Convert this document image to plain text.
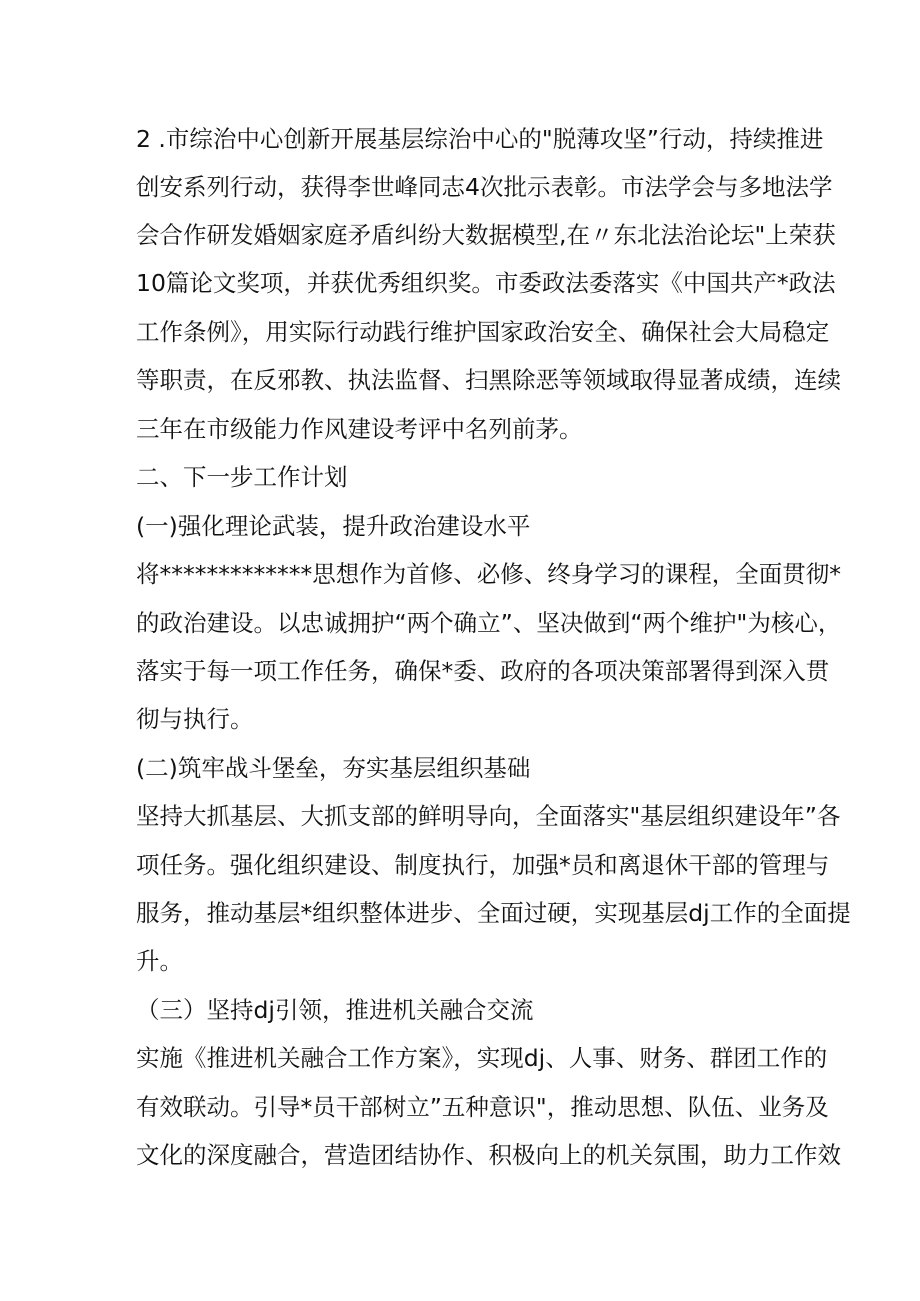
2 .市综治中心创新开展基层综治中心的"脱薄攻坚”行动，持续推进
创安系列行动，获得李世峰同志4次批示表彰。市法学会与多地法学
会合作研发婚姻家庭矛盾纠纷大数据模型,在〃东北法治论坛"上荣获
10篇论文奖项，并获优秀组织奖。市委政法委落实《中国共产*政法
工作条例》，用实际行动践行维护国家政治安全、确保社会大局稳定
等职责，在反邪教、执法监督、扫黑除恶等领域取得显著成绩，连续
三年在市级能力作风建设考评中名列前茅。
二、下一步工作计划
(一)强化理论武装，提升政治建设水平
将*************思想作为首修、必修、终身学习的课程，全面贯彻*
的政治建设。以忠诚拥护“两个确立”、坚决做到“两个维护"为核心，
落实于每一项工作任务，确保*委、政府的各项决策部署得到深入贯
彻与执行。
(二)筑牢战斗堡垒，夯实基层组织基础
坚持大抓基层、大抓支部的鲜明导向，全面落实"基层组织建设年”各
项任务。强化组织建设、制度执行，加强*员和离退休干部的管理与
服务，推动基层*组织整体进步、全面过硬，实现基层dj工作的全面提
升。
（三）坚持dj引领，推进机关融合交流
实施《推进机关融合工作方案》，实现dj、人事、财务、群团工作的
有效联动。引导*员干部树立”五种意识"，推动思想、队伍、业务及
文化的深度融合，营造团结协作、积极向上的机关氛围，助力工作效
